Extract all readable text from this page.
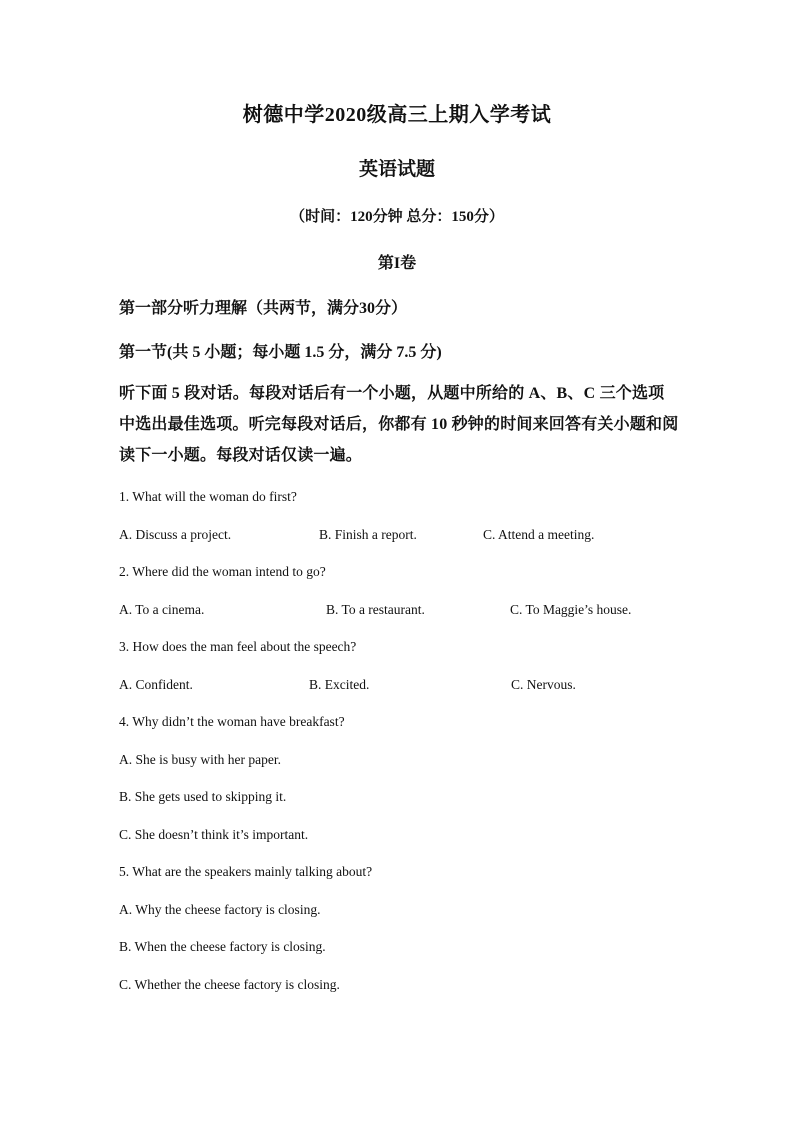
树德中学2020级高三上期入学考试
英语试题
（时间：120分钟 总分：150分）
第I卷
第一部分听力理解（共两节，满分30分）
第一节(共 5 小题；每小题 1.5 分，满分 7.5 分)
听下面 5 段对话。每段对话后有一个小题，从题中所给的 A、B、C 三个选项中选出最佳选项。听完每段对话后，你都有 10 秒钟的时间来回答有关小题和阅读下一小题。每段对话仅读一遍。
1. What will the woman do first?
A. Discuss a project.	B. Finish a report.	C. Attend a meeting.
2. Where did the woman intend to go?
A. To a cinema.	B. To a restaurant.	C. To Maggie’s house.
3. How does the man feel about the speech?
A. Confident.	B. Excited.	C. Nervous.
4. Why didn’t the woman have breakfast?
A. She is busy with her paper.
B. She gets used to skipping it.
C. She doesn’t think it’s important.
5. What are the speakers mainly talking about?
A. Why the cheese factory is closing.
B. When the cheese factory is closing.
C. Whether the cheese factory is closing.
